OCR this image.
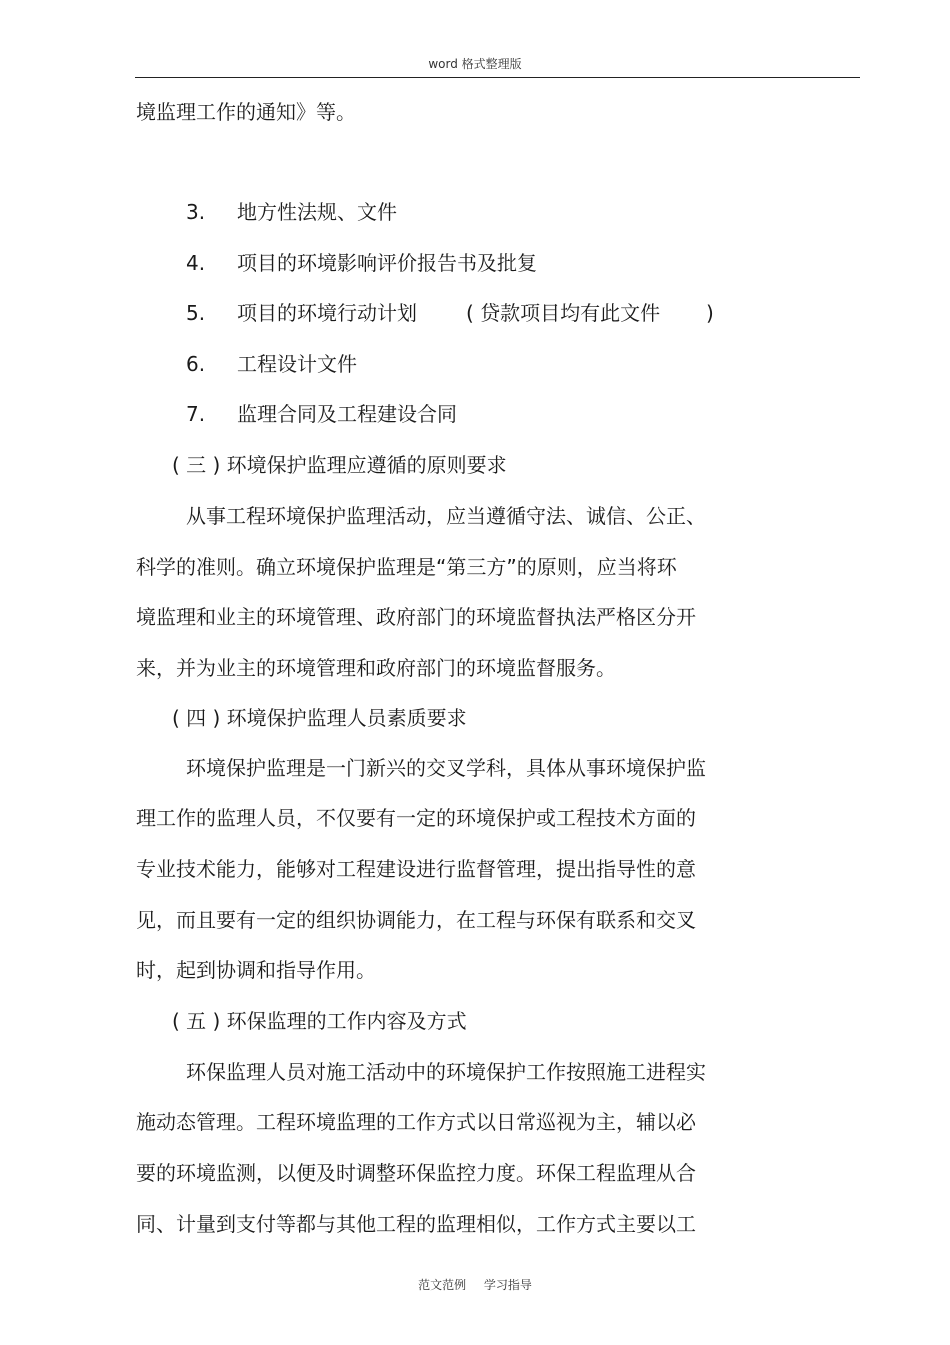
word 格式整理版
境监理工作的通知》等。
3. 地方性法规、文件
4. 项目的环境影响评价报告书及批复
5. 项目的环境行动计划 ( 贷款项目均有此文件 )
6. 工程设计文件
7. 监理合同及工程建设合同
( 三 ) 环境保护监理应遵循的原则要求
从事工程环境保护监理活动，应当遵循守法、诚信、公正、
科学的准则。确立环境保护监理是“第三方”的原则，应当将环
境监理和业主的环境管理、政府部门的环境监督执法严格区分开
来，并为业主的环境管理和政府部门的环境监督服务。
( 四 ) 环境保护监理人员素质要求
环境保护监理是一门新兴的交叉学科，具体从事环境保护监
理工作的监理人员，不仅要有一定的环境保护或工程技术方面的
专业技术能力，能够对工程建设进行监督管理，提出指导性的意
见，而且要有一定的组织协调能力，在工程与环保有联系和交叉
时，起到协调和指导作用。
( 五 ) 环保监理的工作内容及方式
环保监理人员对施工活动中的环境保护工作按照施工进程实
施动态管理。工程环境监理的工作方式以日常巡视为主，辅以必
要的环境监测，以便及时调整环保监控力度。环保工程监理从合
同、计量到支付等都与其他工程的监理相似，工作方式主要以工
范文范例 学习指导
